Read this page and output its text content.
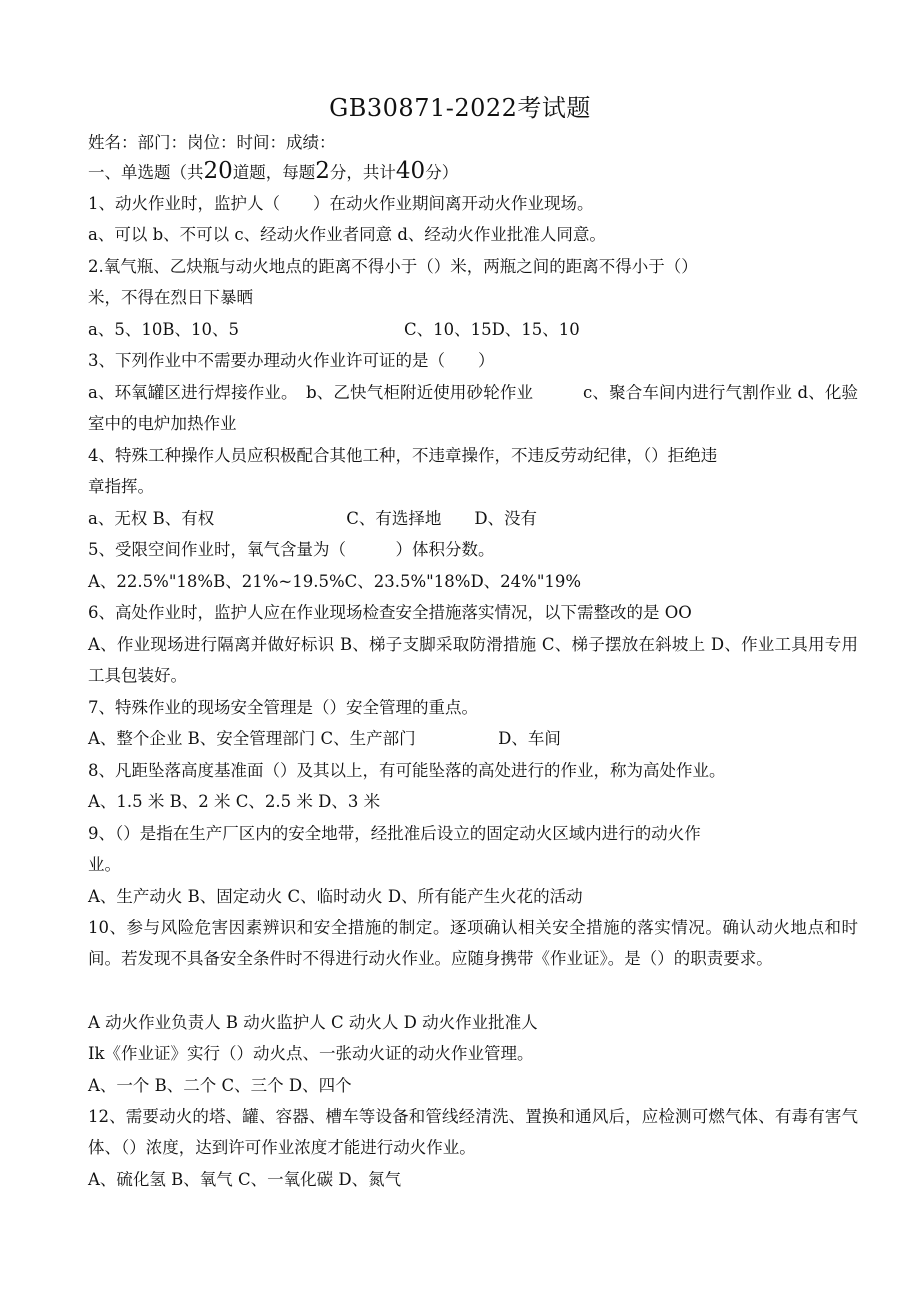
GB30871-2022考试题
姓名：部门：岗位：时间：成绩：
一、单选题（共20道题，每题2分，共计40分）
1、动火作业时，监护人（　　）在动火作业期间离开动火作业现场。
a、可以 b、不可以 c、经动火作业者同意 d、经动火作业批准人同意。
2.氧气瓶、乙炔瓶与动火地点的距离不得小于（）米，两瓶之间的距离不得小于（）
米，不得在烈日下暴晒
a、5、10B、10、5　　　　　　　　　　C、10、15D、15、10
3、下列作业中不需要办理动火作业许可证的是（　　）
a、环氧罐区进行焊接作业。　b、乙快气柜附近使用砂轮作业　　　c、聚合车间内进行气割作业 d、化验室中的电炉加热作业
4、特殊工种操作人员应积极配合其他工种，不违章操作，不违反劳动纪律，（）拒绝违
章指挥。
a、无权 B、有权　　　　　　　　C、有选择地　　D、没有
5、受限空间作业时，氧气含量为（　　　）体积分数。
A、22.5%"18%B、21%~19.5%C、23.5%"18%D、24%"19%
6、高处作业时，监护人应在作业现场检查安全措施落实情况，以下需整改的是 OO
A、作业现场进行隔离并做好标识 B、梯子支脚采取防滑措施 C、梯子摆放在斜坡上 D、作业工具用专用工具包装好。
7、特殊作业的现场安全管理是（）安全管理的重点。
A、整个企业 B、安全管理部门 C、生产部门　　　　　D、车间
8、凡距坠落高度基准面（）及其以上，有可能坠落的高处进行的作业，称为高处作业。
A、1.5 米 B、2 米 C、2.5 米 D、3 米
9、（）是指在生产厂区内的安全地带，经批准后设立的固定动火区域内进行的动火作
业。
A、生产动火 B、固定动火 C、临时动火 D、所有能产生火花的活动
10、参与风险危害因素辨识和安全措施的制定。逐项确认相关安全措施的落实情况。确认动火地点和时间。若发现不具备安全条件时不得进行动火作业。应随身携带《作业证》。是（）的职责要求。
A 动火作业负责人 B 动火监护人 C 动火人 D 动火作业批准人
Ik《作业证》实行（）动火点、一张动火证的动火作业管理。
A、一个 B、二个 C、三个 D、四个
12、需要动火的塔、罐、容器、槽车等设备和管线经清洗、置换和通风后，应检测可燃气体、有毒有害气体、（）浓度，达到许可作业浓度才能进行动火作业。
A、硫化氢 B、氧气 C、一氧化碳 D、氮气
